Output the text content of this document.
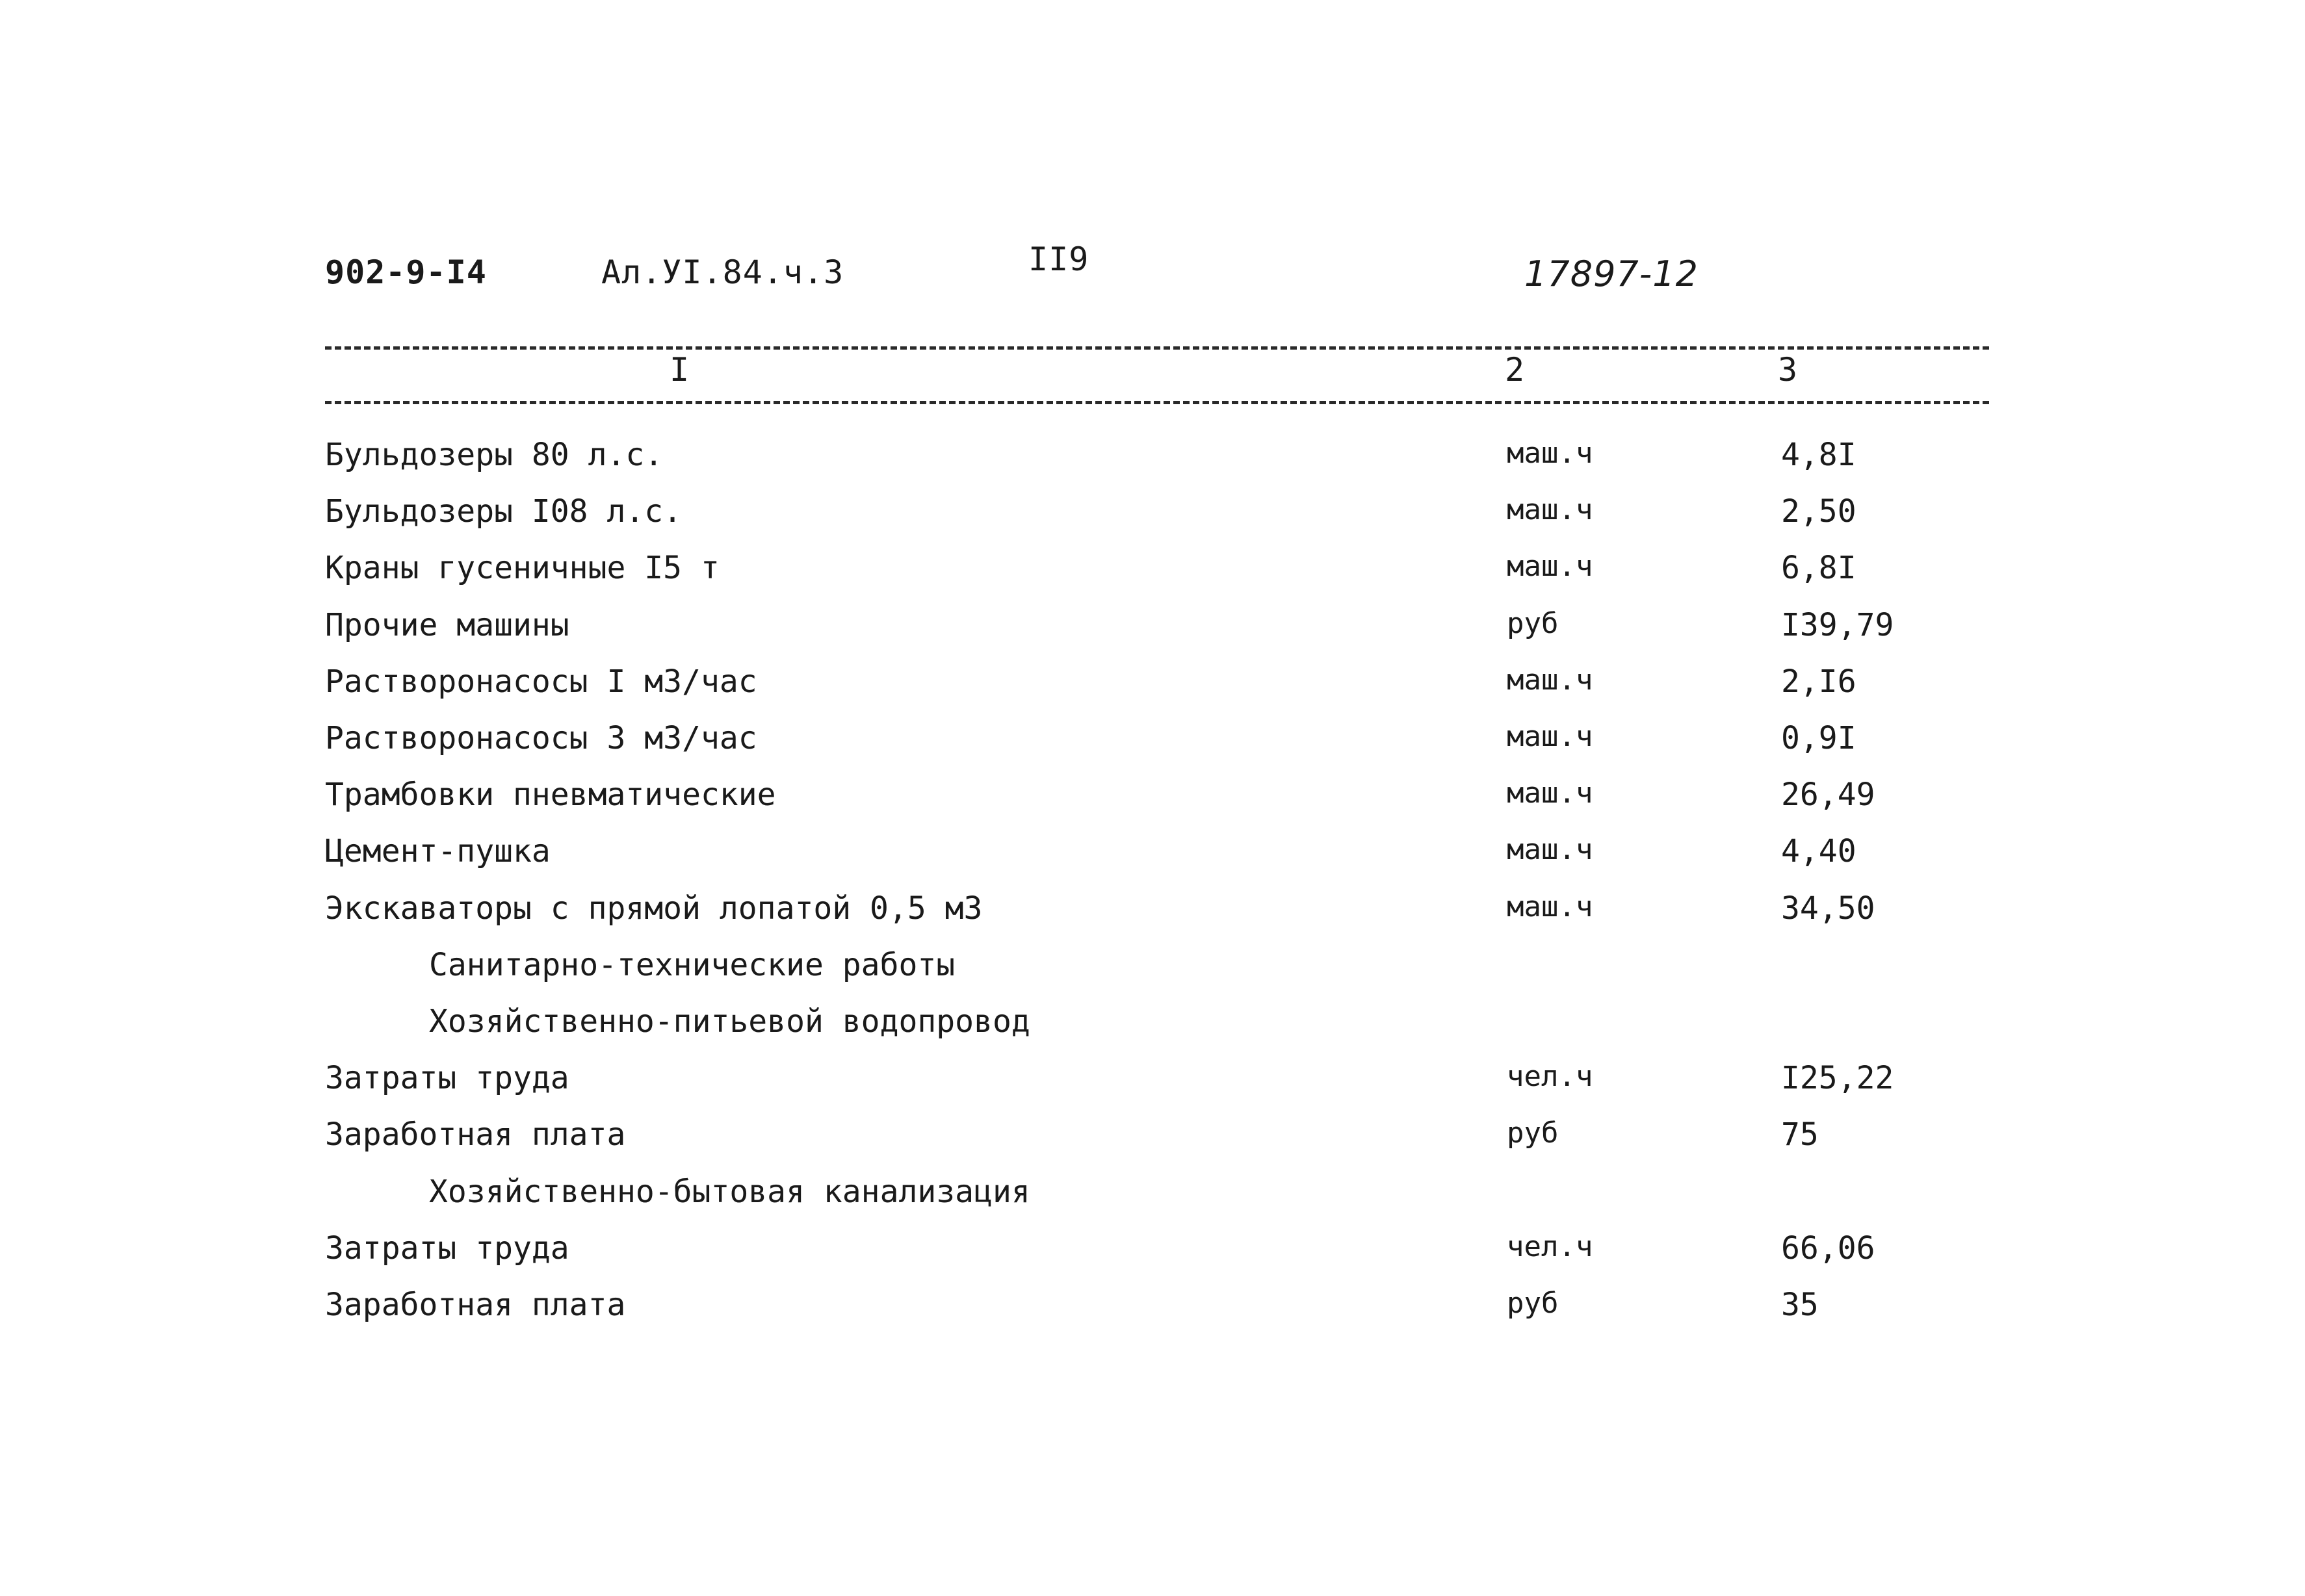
902-9-I4	Ал.УI.84.ч.3	II9	17897-12
I	2	3
Бульдозеры 80 л.с.	маш.ч	4,8I
Бульдозеры I08 л.с.	маш.ч	2,50
Краны гусеничные I5 т	маш.ч	6,8I
Прочие машины	руб	I39,79
Растворонасосы I м3/час	маш.ч	2,I6
Растворонасосы 3 м3/час	маш.ч	0,9I
Трамбовки пневматические	маш.ч	26,49
Цемент-пушка	маш.ч	4,40
Экскаваторы с прямой лопатой 0,5 м3	маш.ч	34,50
Санитарно-технические работы
Хозяйственно-питьевой водопровод
Затраты труда	чел.ч	I25,22
Заработная плата	руб	75
Хозяйственно-бытовая канализация
Затраты труда	чел.ч	66,06
Заработная плата	руб	35
